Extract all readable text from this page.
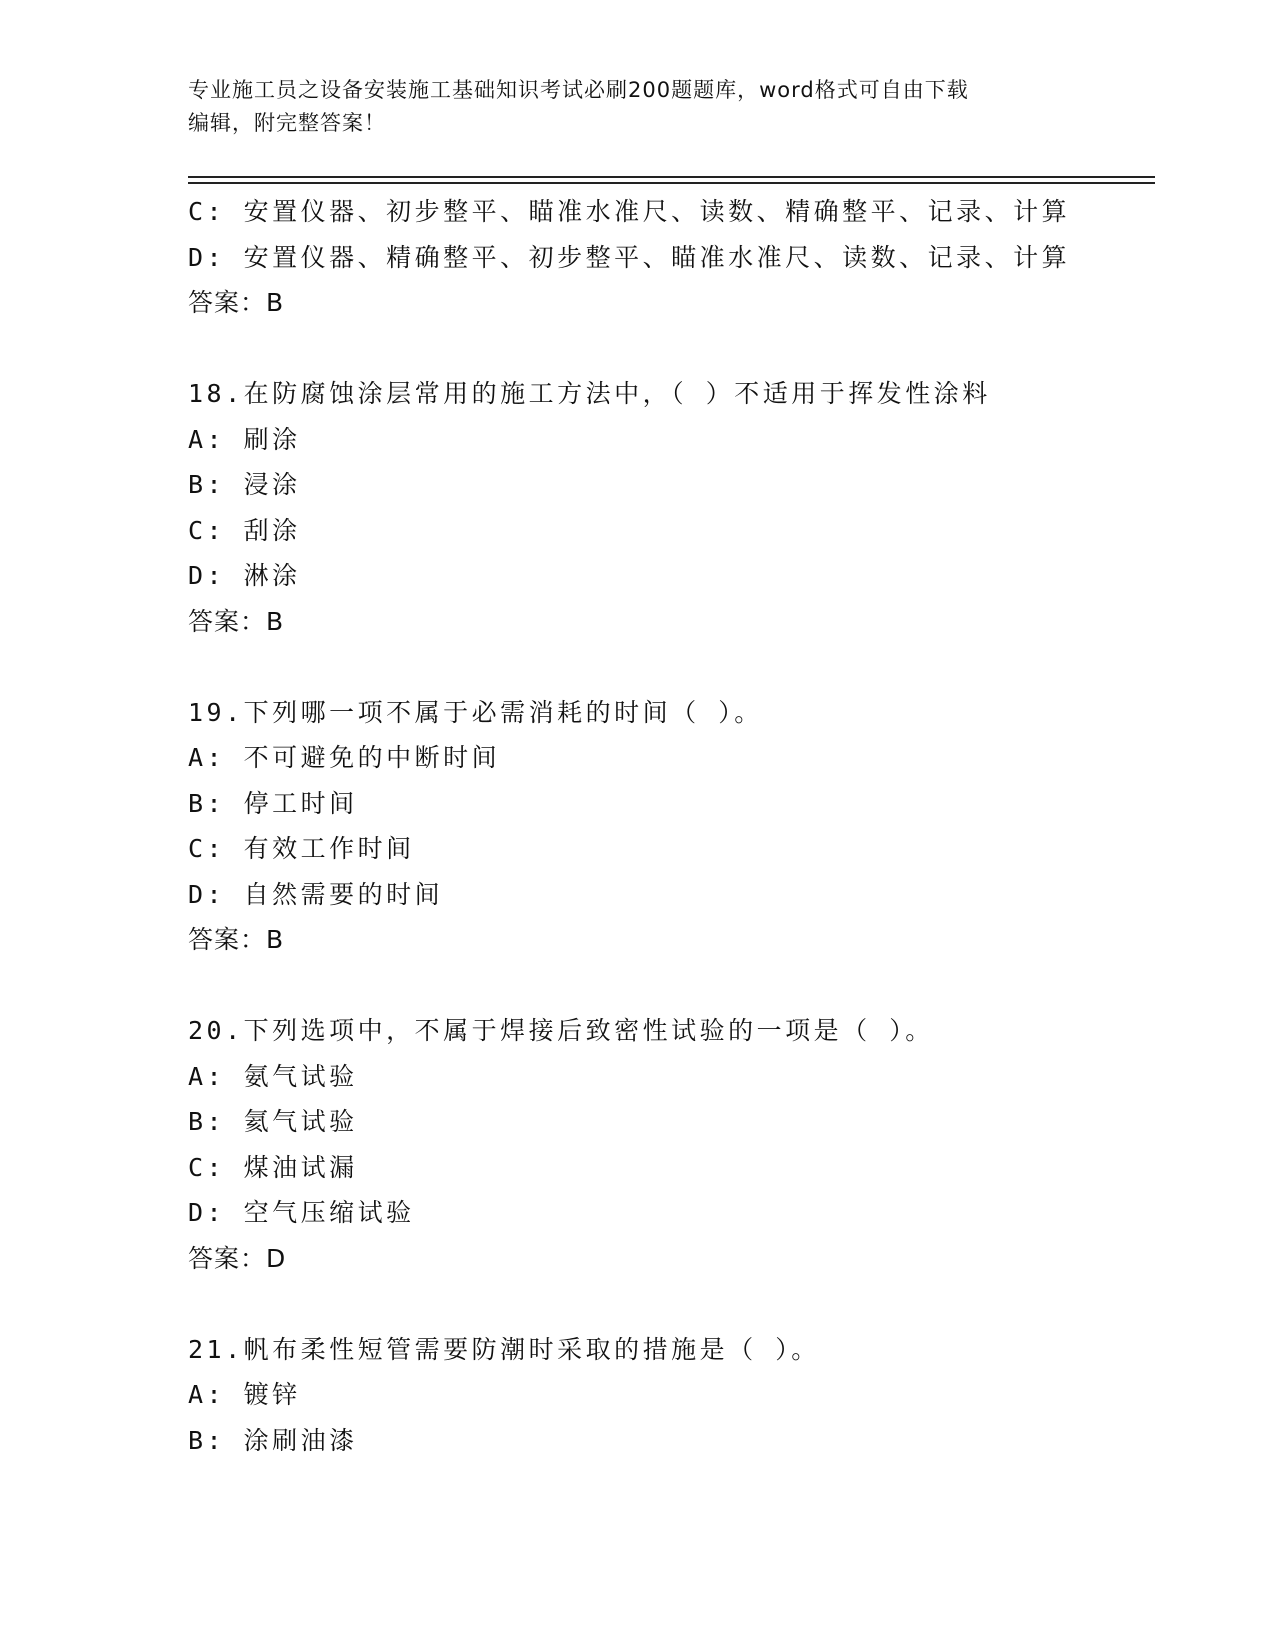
专业施工员之设备安装施工基础知识考试必刷200题题库，word格式可自由下载
编辑，附完整答案！
C: 安置仪器、初步整平、瞄准水准尺、读数、精确整平、记录、计算
D: 安置仪器、精确整平、初步整平、瞄准水准尺、读数、记录、计算
答案：B
18.在防腐蚀涂层常用的施工方法中，（ ）不适用于挥发性涂料
A: 刷涂
B: 浸涂
C: 刮涂
D: 淋涂
答案：B
19.下列哪一项不属于必需消耗的时间（ ）。
A: 不可避免的中断时间
B: 停工时间
C: 有效工作时间
D: 自然需要的时间
答案：B
20.下列选项中，不属于焊接后致密性试验的一项是（ ）。
A: 氨气试验
B: 氦气试验
C: 煤油试漏
D: 空气压缩试验
答案：D
21.帆布柔性短管需要防潮时采取的措施是（ ）。
A: 镀锌
B: 涂刷油漆
